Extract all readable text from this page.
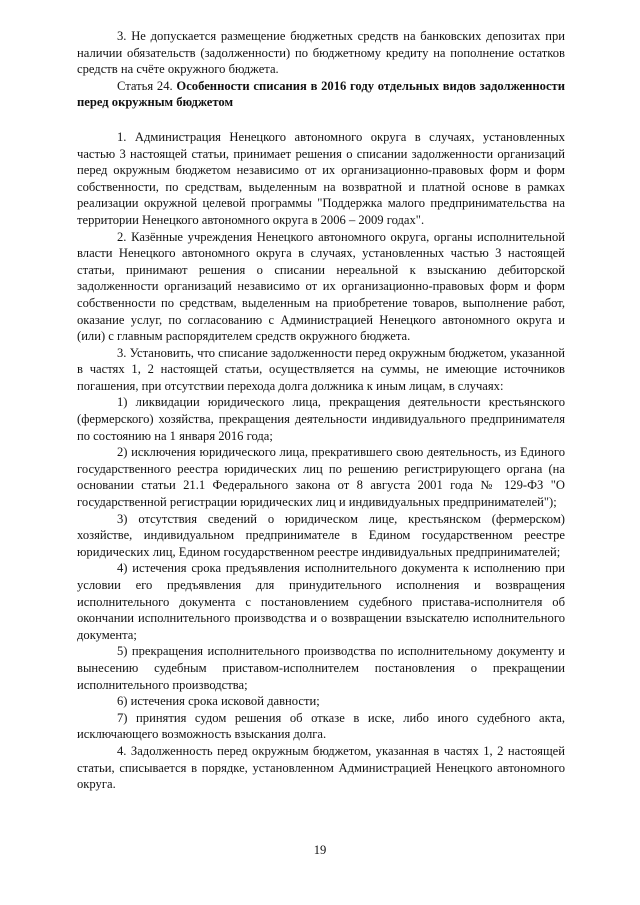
3. Не допускается размещение бюджетных средств на банковских депозитах при наличии обязательств (задолженности) по бюджетному кредиту на пополнение остатков средств на счёте окружного бюджета.

Статья 24. Особенности списания в 2016 году отдельных видов задолженности перед окружным бюджетом

1. Администрация Ненецкого автономного округа в случаях, установленных частью 3 настоящей статьи, принимает решения о списании задолженности организаций перед окружным бюджетом независимо от их организационно-правовых форм и форм собственности, по средствам, выделенным на возвратной и платной основе в рамках реализации окружной целевой программы "Поддержка малого предпринимательства на территории Ненецкого автономного округа в 2006 – 2009 годах".

2. Казённые учреждения Ненецкого автономного округа, органы исполнительной власти Ненецкого автономного округа в случаях, установленных частью 3 настоящей статьи, принимают решения о списании нереальной к взысканию дебиторской задолженности организаций независимо от их организационно-правовых форм и форм собственности по средствам, выделенным на приобретение товаров, выполнение работ, оказание услуг, по согласованию с Администрацией Ненецкого автономного округа и (или) с главным распорядителем средств окружного бюджета.

3. Установить, что списание задолженности перед окружным бюджетом, указанной в частях 1, 2 настоящей статьи, осуществляется на суммы, не имеющие источников погашения, при отсутствии перехода долга должника к иным лицам, в случаях:

1) ликвидации юридического лица, прекращения деятельности крестьянского (фермерского) хозяйства, прекращения деятельности индивидуального предпринимателя по состоянию на 1 января 2016 года;

2) исключения юридического лица, прекратившего свою деятельность, из Единого государственного реестра юридических лиц по решению регистрирующего органа (на основании статьи 21.1 Федерального закона от 8 августа 2001 года № 129-ФЗ "О государственной регистрации юридических лиц и индивидуальных предпринимателей");

3) отсутствия сведений о юридическом лице, крестьянском (фермерском) хозяйстве, индивидуальном предпринимателе в Едином государственном реестре юридических лиц, Едином государственном реестре индивидуальных предпринимателей;

4) истечения срока предъявления исполнительного документа к исполнению при условии его предъявления для принудительного исполнения и возвращения исполнительного документа с постановлением судебного пристава-исполнителя об окончании исполнительного производства и о возвращении взыскателю исполнительного документа;

5) прекращения исполнительного производства по исполнительному документу и вынесению судебным приставом-исполнителем постановления о прекращении исполнительного производства;

6) истечения срока исковой давности;

7) принятия судом решения об отказе в иске, либо иного судебного акта, исключающего возможность взыскания долга.

4. Задолженность перед окружным бюджетом, указанная в частях 1, 2 настоящей статьи, списывается в порядке, установленном Администрацией Ненецкого автономного округа.

19
